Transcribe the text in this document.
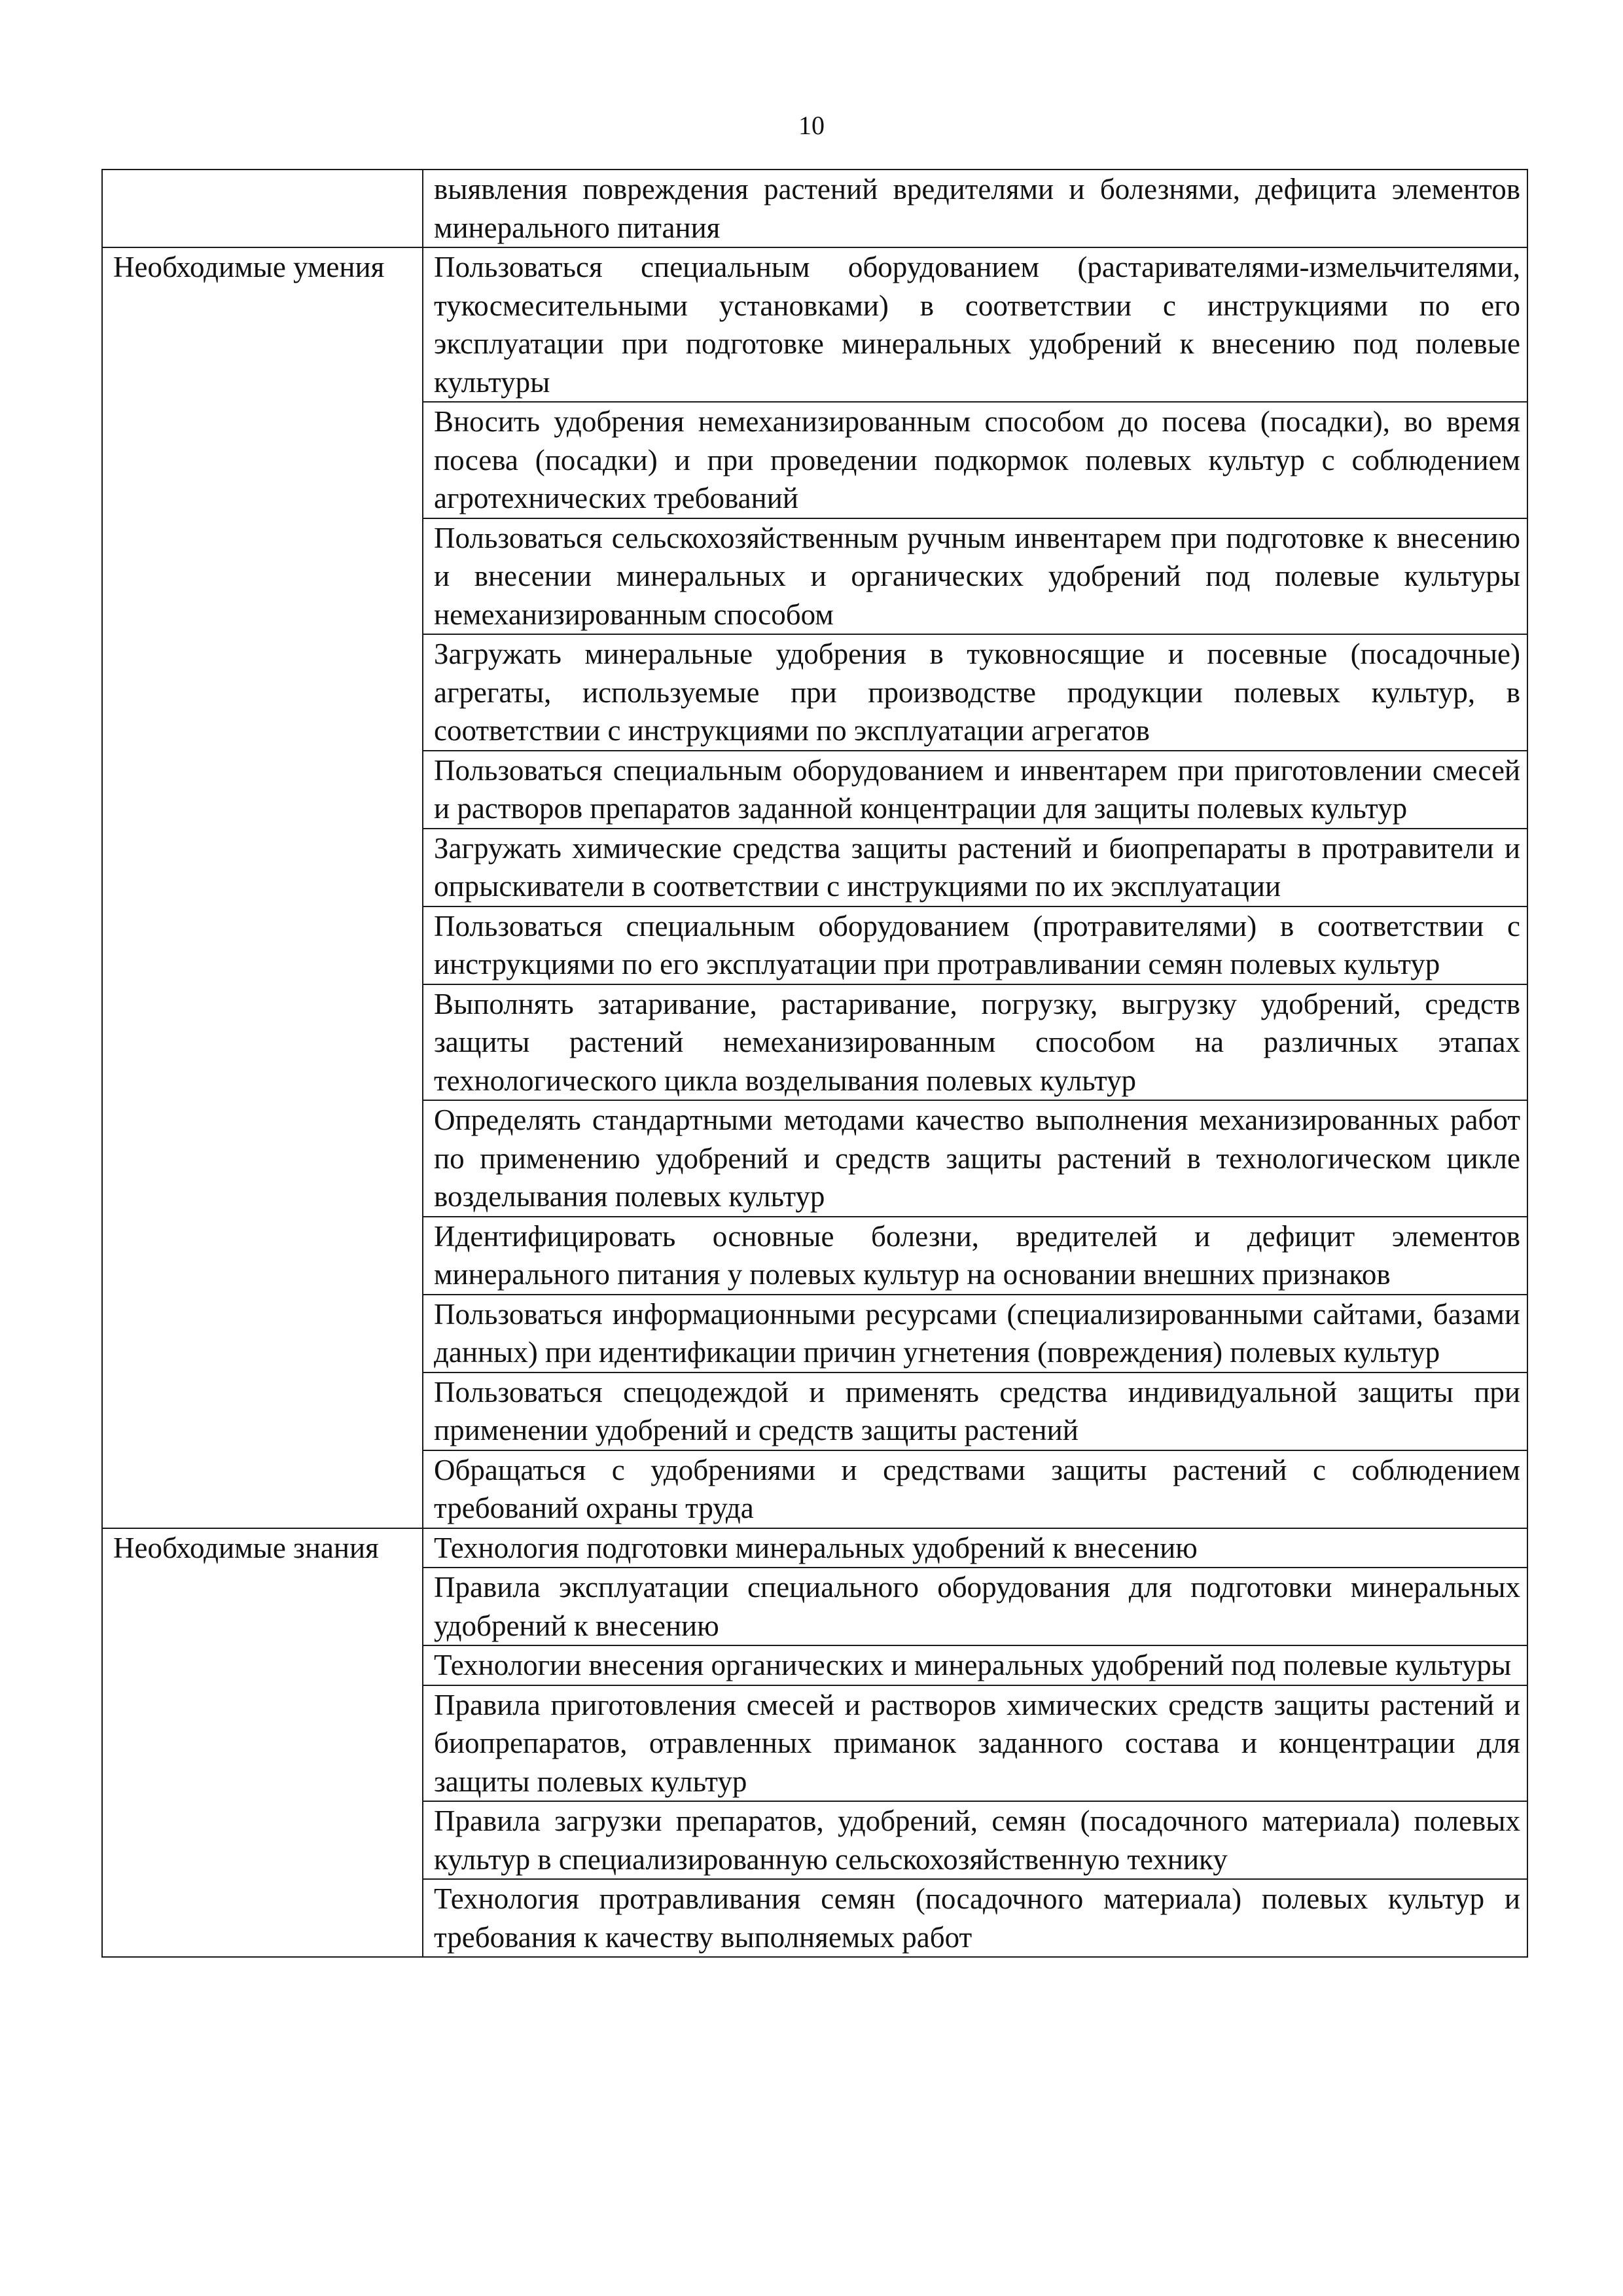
10
	выявления повреждения растений вредителями и болезнями, дефицита элементов минерального питания
Необходимые умения	Пользоваться специальным оборудованием (растаривателями-измельчителями, тукосмесительными установками) в соответствии с инструкциями по его эксплуатации при подготовке минеральных удобрений к внесению под полевые культуры
	Вносить удобрения немеханизированным способом до посева (посадки), во время посева (посадки) и при проведении подкормок полевых культур с соблюдением агротехнических требований
	Пользоваться сельскохозяйственным ручным инвентарем при подготовке к внесению и внесении минеральных и органических удобрений под полевые культуры немеханизированным способом
	Загружать минеральные удобрения в туковносящие и посевные (посадочные) агрегаты, используемые при производстве продукции полевых культур, в соответствии с инструкциями по эксплуатации агрегатов
	Пользоваться специальным оборудованием и инвентарем при приготовлении смесей и растворов препаратов заданной концентрации для защиты полевых культур
	Загружать химические средства защиты растений и биопрепараты в протравители и опрыскиватели в соответствии с инструкциями по их эксплуатации
	Пользоваться специальным оборудованием (протравителями) в соответствии с инструкциями по его эксплуатации при протравливании семян полевых культур
	Выполнять затаривание, растаривание, погрузку, выгрузку удобрений, средств защиты растений немеханизированным способом на различных этапах технологического цикла возделывания полевых культур
	Определять стандартными методами качество выполнения механизированных работ по применению удобрений и средств защиты растений в технологическом цикле возделывания полевых культур
	Идентифицировать основные болезни, вредителей и дефицит элементов минерального питания у полевых культур на основании внешних признаков
	Пользоваться информационными ресурсами (специализированными сайтами, базами данных) при идентификации причин угнетения (повреждения) полевых культур
	Пользоваться спецодеждой и применять средства индивидуальной защиты при применении удобрений и средств защиты растений
	Обращаться с удобрениями и средствами защиты растений с соблюдением требований охраны труда
Необходимые знания	Технология подготовки минеральных удобрений к внесению
	Правила эксплуатации специального оборудования для подготовки минеральных удобрений к внесению
	Технологии внесения органических и минеральных удобрений под полевые культуры
	Правила приготовления смесей и растворов химических средств защиты растений и биопрепаратов, отравленных приманок заданного состава и концентрации для защиты полевых культур
	Правила загрузки препаратов, удобрений, семян (посадочного материала) полевых культур в специализированную сельскохозяйственную технику
	Технология протравливания семян (посадочного материала) полевых культур и требования к качеству выполняемых работ
